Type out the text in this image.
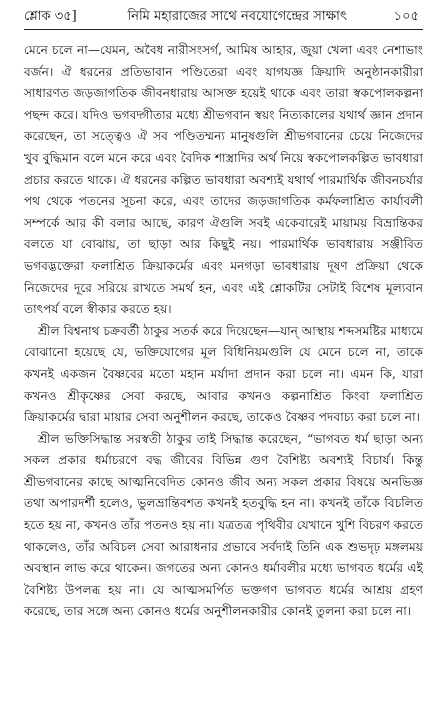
শ্লোক ৩৫]	নিমি মহারাজের সাথে নবযোগেন্দ্রের সাক্ষাৎ	১০৫

মেনে চলে না—যেমন, অবৈধ নারীসংসর্গ, আমিষ আহার, জুয়া খেলা এবং নেশাভাং বর্জন। ঐ ধরনের প্রতিভাবান পণ্ডিতেরা এবং যাগযজ্ঞ ক্রিয়াদি অনুষ্ঠানকারীরা সাধারণত জড়জাগতিক জীবনধারায় আসক্ত হয়েই থাকে এবং তারা স্বকপোলকল্পনা পছন্দ করে। যদিও ভগবদ্গীতার মধ্যে শ্রীভগবান স্বয়ং নিত্যকালের যথার্থ জ্ঞান প্রদান করেছেন, তা সত্ত্বেও ঐ সব পণ্ডিতম্মন্য মানুষগুলি শ্রীভগবানের চেয়ে নিজেদের খুব বুদ্ধিমান বলে মনে করে এবং বৈদিক শাস্ত্রাদির অর্থ নিয়ে স্বকপোলকল্পিত ভাবধারা প্রচার করতে থাকে। ঐ ধরনের কল্পিত ভাবধারা অবশ্যই যথার্থ পারমার্থিক জীবনচর্যার পথ থেকে পতনের সূচনা করে, এবং তাদের জড়জাগতিক কর্মফলাশ্রিত কার্যাবলী সম্পর্কে আর কী বলার আছে, কারণ ঐগুলি সবই একেবারেই মায়াময় বিভ্রান্তিকর বলতে যা বোঝায়, তা ছাড়া আর কিছুই নয়। পারমার্থিক ভাবধারায় সঞ্জীবিত ভগবদ্ভক্তেরা ফলাশ্রিত ক্রিয়াকর্মের এবং মনগড়া ভাবধারায় দূষণ প্রক্রিয়া থেকে নিজেদের দূরে সরিয়ে রাখতে সমর্থ হন, এবং এই শ্লোকটির সেটাই বিশেষ মূল্যবান তাৎপর্য বলে স্বীকার করতে হয়।

শ্রীল বিশ্বনাথ চক্রবর্তী ঠাকুর সতর্ক করে দিয়েছেন—যান্ আস্থায় শব্দসমষ্টির মাধ্যমে বোঝানো হয়েছে যে, ভক্তিযোগের মূল বিধিনিয়মগুলি যে মেনে চলে না, তাকে কখনই একজন বৈষ্ণবের মতো মহান মর্যাদা প্রদান করা চলে না। এমন কি, যারা কখনও শ্রীকৃষ্ণের সেবা করছে, আবার কখনও কল্পনাশ্রিত কিংবা ফলাশ্রিত ক্রিয়াকর্মের দ্বারা মায়ার সেবা অনুশীলন করছে, তাকেও বৈষ্ণব পদবাচ্য করা চলে না।

শ্রীল ভক্তিসিদ্ধান্ত সরস্বতী ঠাকুর তাই সিদ্ধান্ত করেছেন, “ভাগবত ধর্ম ছাড়া অন্য সকল প্রকার ধর্মাচরণে বদ্ধ জীবের বিভিন্ন গুণ বৈশিষ্ট্য অবশ্যই বিচার্য। কিন্তু শ্রীভগবানের কাছে আত্মনিবেদিত কোনও জীব অন্য সকল প্রকার বিষয়ে অনভিজ্ঞ তথা অপারদর্শী হলেও, ভুলভ্রান্তিবশত কখনই হতবুদ্ধি হন না। কখনই তাঁকে বিচলিত হতে হয় না, কখনও তাঁর পতনও হয় না। যত্রতত্র পৃথিবীর যেখানে খুশি বিচরণ করতে থাকলেও, তাঁর অবিচল সেবা আরাধনার প্রভাবে সর্বদাই তিনি এক শুভদৃঢ় মঙ্গলময় অবস্থান লাভ করে থাকেন। জগতের অন্য কোনও ধর্মাবলীর মধ্যে ভাগবত ধর্মের এই বৈশিষ্ট্য উপলব্ধ হয় না। যে আত্মসমর্পিত ভক্তগণ ভাগবত ধর্মের আশ্রয় গ্রহণ করেছে, তার সঙ্গে অন্য কোনও ধর্মের অনুশীলনকারীর কোনই তুলনা করা চলে না।
